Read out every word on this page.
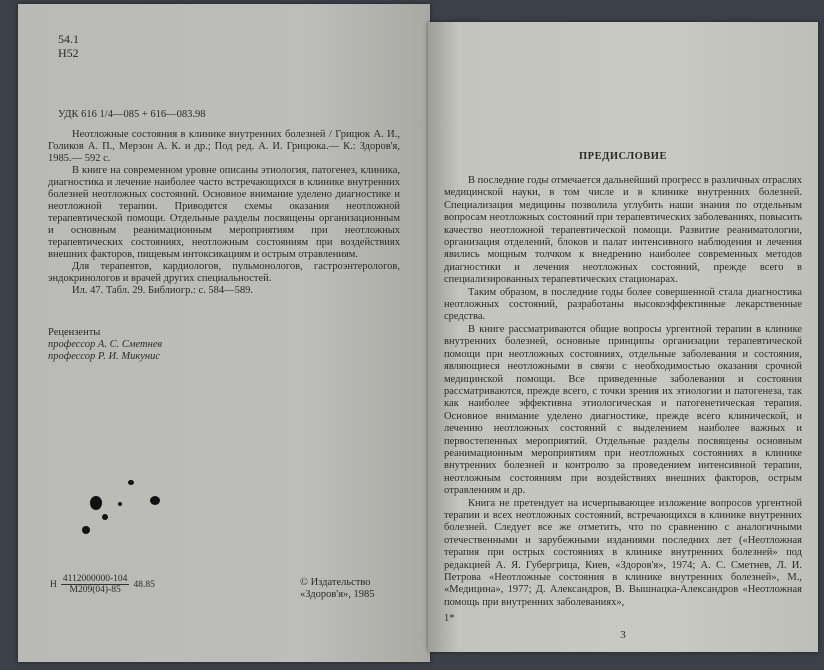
54.1
Н52
УДК 616 1/4—085 + 616—083.98

Неотложные состояния в клинике внутренних болезней / Грицюк А. И., Голиков А. П., Мерзон А. К. и др.; Под ред. А. И. Грицюка.— К.: Здоров'я, 1985.— 592 с.

В книге на современном уровне описаны этиология, патогенез, клиника, диагностика и лечение наиболее часто встречающихся в клинике внутренних болезней неотложных состояний. Основное внимание уделено диагностике и неотложной терапии. Приводятся схемы оказания неотложной терапевтической помощи. Отдельные разделы посвящены организационным и основным реанимационным мероприятиям при неотложных терапевтических состояниях, неотложным состояниям при воздействиях внешних факторов, пищевым интоксикациям и острым отравлениям.

Для терапевтов, кардиологов, пульмонологов, гастроэнтерологов, эндокринологов и врачей других специальностей.

Ил. 47. Табл. 29. Библиогр.: с. 584—589.

Рецензенты
профессор А. С. Сметнев
профессор Р. И. Микунис
Н
4112000000-104
М209(04)-85
48.85	© Издательство
«Здоров'я», 1985
ПРЕДИСЛОВИЕ

В последние годы отмечается дальнейший прогресс в различных отраслях медицинской науки, в том числе и в клинике внутренних болезней. Специализация медицины позволила углубить наши знания по отдельным вопросам неотложных состояний при терапевтических заболеваниях, повысить качество неотложной терапевтической помощи. Развитие реаниматологии, организация отделений, блоков и палат интенсивного наблюдения и лечения явились мощным толчком к внедрению наиболее современных методов диагностики и лечения неотложных состояний, прежде всего в специализированных терапевтических стационарах.

Таким образом, в последние годы более совершенной стала диагностика неотложных состояний, разработаны высокоэффективные лекарственные средства.

В книге рассматриваются общие вопросы ургентной терапии в клинике внутренних болезней, основные принципы организации терапевтической помощи при неотложных состояниях, отдельные заболевания и состояния, являющиеся неотложными в связи с необходимостью оказания срочной медицинской помощи. Все приведенные заболевания и состояния рассматриваются, прежде всего, с точки зрения их этиологии и патогенеза, так как наиболее эффективна этиологическая и патогенетическая терапия. Основное внимание уделено диагностике, прежде всего клинической, и лечению неотложных состояний с выделением наиболее важных и первостепенных мероприятий. Отдельные разделы посвящены основным реанимационным мероприятиям при неотложных состояниях в клинике внутренних болезней и контролю за проведением интенсивной терапии, неотложным состояниям при воздействиях внешних факторов, острым отравлениям и др.

Книга не претендует на исчерпывающее изложение вопросов ургентной терапии и всех неотложных состояний, встречающихся в клинике внутренних болезней. Следует все же отметить, что по сравнению с аналогичными отечественными и зарубежными изданиями последних лет («Неотложная терапия при острых состояниях в клинике внутренних болезней» под редакцией А. Я. Губергрица, Киев, «Здоров'я», 1974; А. С. Сметнев, Л. И. Петрова «Неотложные состояния в клинике внутренних болезней», М., «Медицина», 1977; Д. Александров, В. Вышнацка-Александров «Неотложная помощь при внутренних заболеваниях»,

1*
3
